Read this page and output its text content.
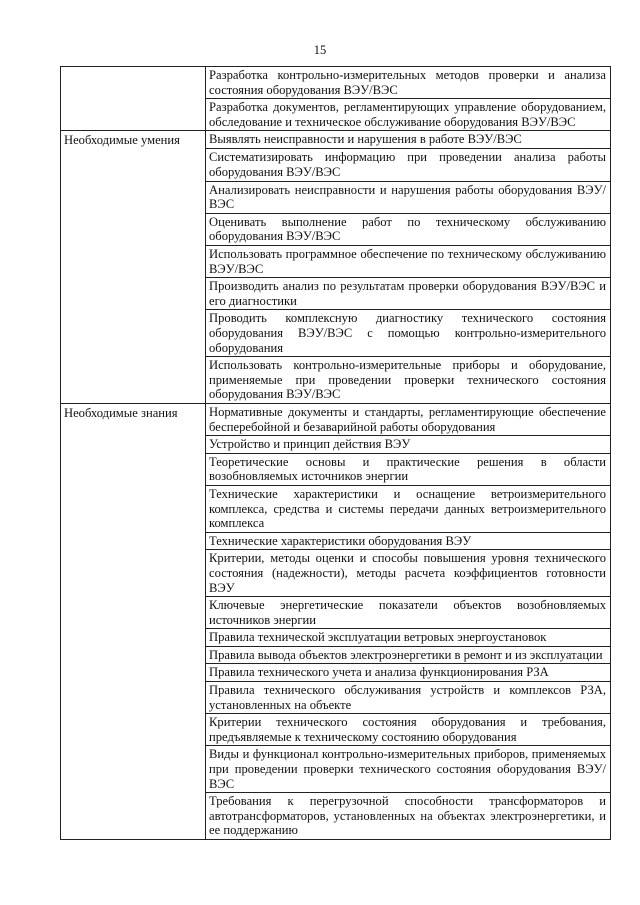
15
	Разработка контрольно-измерительных методов проверки и анализа состояния оборудования ВЭУ/ВЭС
	Разработка документов, регламентирующих управление оборудованием, обследование и техническое обслуживание оборудования ВЭУ/ВЭС
Необходимые умения	Выявлять неисправности и нарушения в работе ВЭУ/ВЭС
	Систематизировать информацию при проведении анализа работы оборудования ВЭУ/ВЭС
	Анализировать неисправности и нарушения работы оборудования ВЭУ/ВЭС
	Оценивать выполнение работ по техническому обслуживанию оборудования ВЭУ/ВЭС
	Использовать программное обеспечение по техническому обслуживанию ВЭУ/ВЭС
	Производить анализ по результатам проверки оборудования ВЭУ/ВЭС и его диагностики
	Проводить комплексную диагностику технического состояния оборудования ВЭУ/ВЭС с помощью контрольно-измерительного оборудования
	Использовать контрольно-измерительные приборы и оборудование, применяемые при проведении проверки технического состояния оборудования ВЭУ/ВЭС
Необходимые знания	Нормативные документы и стандарты, регламентирующие обеспечение бесперебойной и безаварийной работы оборудования
	Устройство и принцип действия ВЭУ
	Теоретические основы и практические решения в области возобновляемых источников энергии
	Технические характеристики и оснащение ветроизмерительного комплекса, средства и системы передачи данных ветроизмерительного комплекса
	Технические характеристики оборудования ВЭУ
	Критерии, методы оценки и способы повышения уровня технического состояния (надежности), методы расчета коэффициентов готовности ВЭУ
	Ключевые энергетические показатели объектов возобновляемых источников энергии
	Правила технической эксплуатации ветровых энергоустановок
	Правила вывода объектов электроэнергетики в ремонт и из эксплуатации
	Правила технического учета и анализа функционирования РЗА
	Правила технического обслуживания устройств и комплексов РЗА, установленных на объекте
	Критерии технического состояния оборудования и требования, предъявляемые к техническому состоянию оборудования
	Виды и функционал контрольно-измерительных приборов, применяемых при проведении проверки технического состояния оборудования ВЭУ/ВЭС
	Требования к перегрузочной способности трансформаторов и автотрансформаторов, установленных на объектах электроэнергетики, и ее поддержанию
